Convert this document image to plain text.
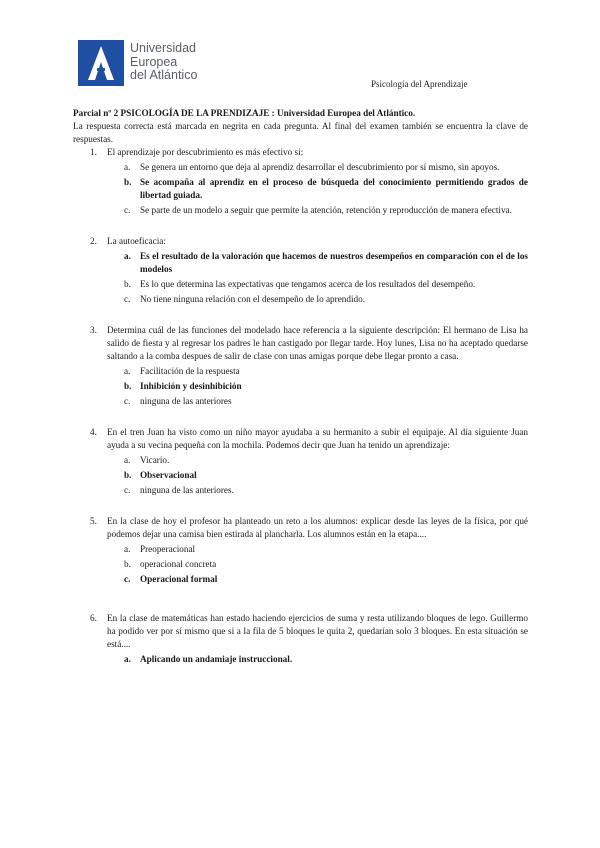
Universidad
Europea
del Atlántico
Psicología del Aprendizaje
Parcial nº 2 PSICOLOGÍA DE LA PRENDIZAJE : Universidad Europea del Atlántico.
La respuesta correcta está marcada en negrita en cada pregunta. Al final del examen también se encuentra la clave de respuestas.
1. El aprendizaje por descubrimiento es más efectivo si:
a. Se genera un entorno que deja al aprendiz desarrollar el descubrimiento por sí mismo, sin apoyos.
b. Se acompaña al aprendiz en el proceso de búsqueda del conocimiento permitiendo grados de libertad guiada.
c. Se parte de un modelo a seguir que permite la atención, retención y reproducción de manera efectiva.
2. La autoeficacia:
a. Es el resultado de la valoración que hacemos de nuestros desempeños en comparación con el de los modelos
b. Es lo que determina las expectativas que tengamos acerca de los resultados del desempeño.
c. No tiene ninguna relación con el desempeño de lo aprendido.
3. Determina cuál de las funciones del modelado hace referencia a la siguiente descripción: El hermano de Lisa ha salido de fiesta y al regresar los padres le han castigado por llegar tarde. Hoy lunes, Lisa no ha aceptado quedarse saltando a la comba despues de salir de clase con unas amigas porque debe llegar pronto a casa.
a. Facilitación de la respuesta
b. Inhibición y desinhibición
c. ninguna de las anteriores
4. En el tren Juan ha visto como un niño mayor ayudaba a su hermanito a subir el equipaje. Al día siguiente Juan ayuda a su vecina pequeña con la mochila. Podemos decir que Juan ha tenido un aprendizaje:
a. Vicario.
b. Observacional
c. ninguna de las anteriores.
5. En la clase de hoy el profesor ha planteado un reto a los alumnos: explicar desde las leyes de la física, por qué podemos dejar una camisa bien estirada al plancharla. Los alumnos están en la etapa....
a. Preoperacional
b. operacional concreta
c. Operacional formal
6. En la clase de matemáticas han estado haciendo ejercicios de suma y resta utilizando bloques de lego. Guillermo ha podido ver por sí mismo que si a la fila de 5 bloques le quita 2, quedarían solo 3 bloques. En esta situación se está....
a. Aplicando un andamiaje instruccional.
